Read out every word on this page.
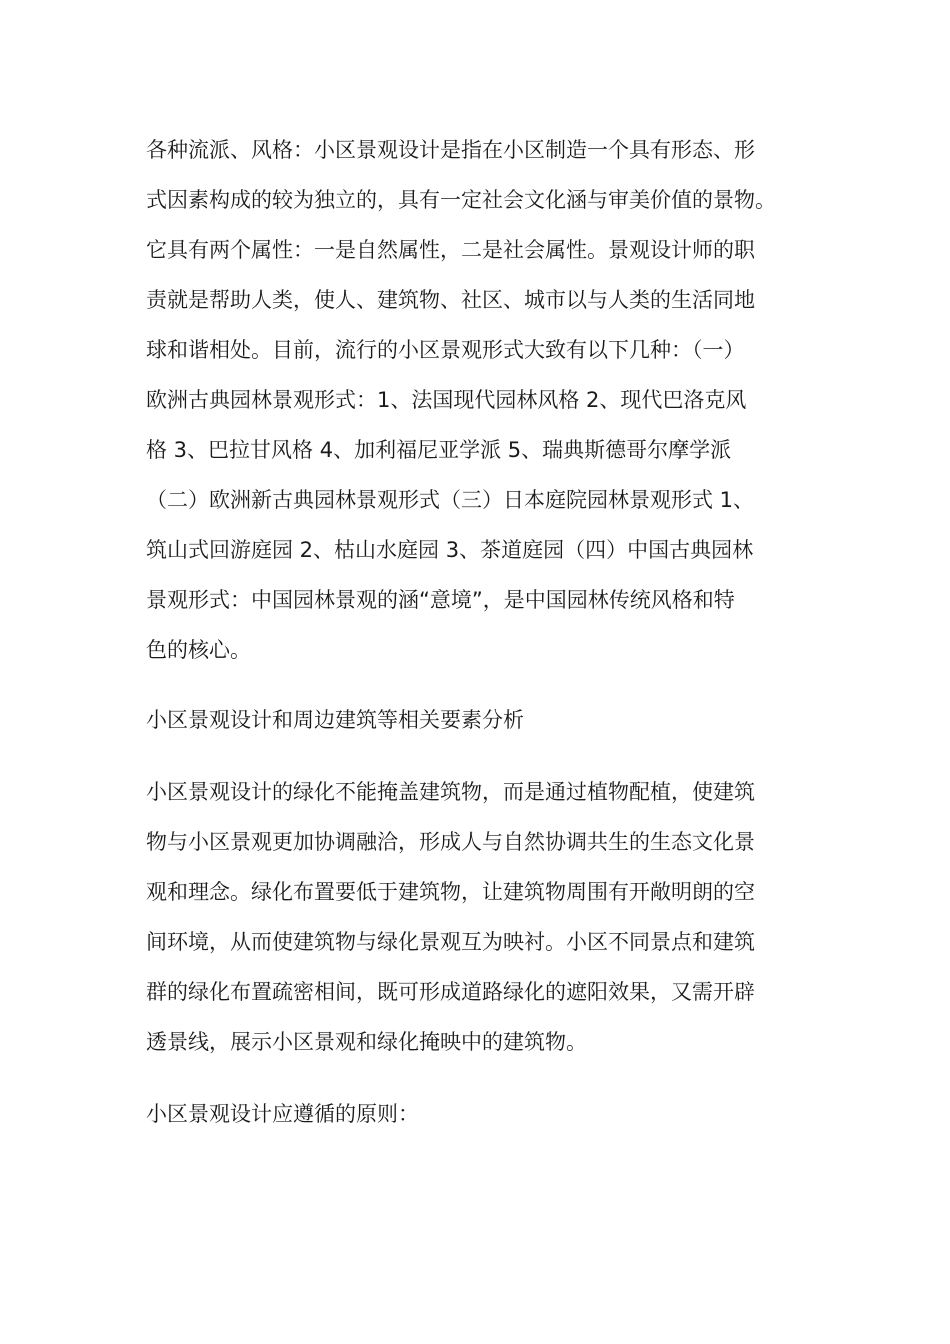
各种流派、风格：小区景观设计是指在小区制造一个具有形态、形

式因素构成的较为独立的，具有一定社会文化涵与审美价值的景物。

它具有两个属性：一是自然属性，二是社会属性。景观设计师的职

责就是帮助人类，使人、建筑物、社区、城市以与人类的生活同地

球和谐相处。目前，流行的小区景观形式大致有以下几种：（一）

欧洲古典园林景观形式：1、法国现代园林风格 2、现代巴洛克风

格 3、巴拉甘风格 4、加利福尼亚学派 5、瑞典斯德哥尔摩学派

（二）欧洲新古典园林景观形式（三）日本庭院园林景观形式 1、

筑山式回游庭园 2、枯山水庭园 3、茶道庭园（四）中国古典园林

景观形式：中国园林景观的涵“意境”，是中国园林传统风格和特

色的核心。

小区景观设计和周边建筑等相关要素分析

小区景观设计的绿化不能掩盖建筑物，而是通过植物配植，使建筑

物与小区景观更加协调融洽，形成人与自然协调共生的生态文化景

观和理念。绿化布置要低于建筑物，让建筑物周围有开敞明朗的空

间环境，从而使建筑物与绿化景观互为映衬。小区不同景点和建筑

群的绿化布置疏密相间，既可形成道路绿化的遮阳效果，又需开辟

透景线，展示小区景观和绿化掩映中的建筑物。

小区景观设计应遵循的原则：
